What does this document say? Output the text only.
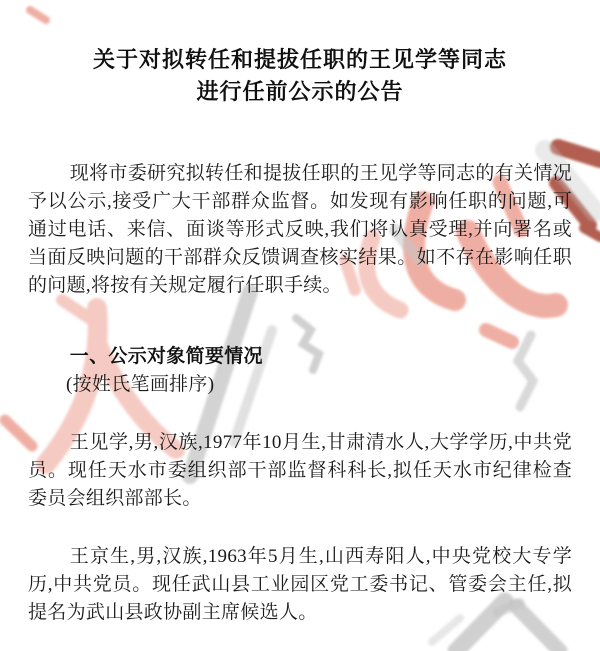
关于对拟转任和提拔任职的王见学等同志
进行任前公示的公告

现将市委研究拟转任和提拔任职的王见学等同志的有关情况予以公示,接受广大干部群众监督。如发现有影响任职的问题,可通过电话、来信、面谈等形式反映,我们将认真受理,并向署名或当面反映问题的干部群众反馈调查核实结果。如不存在影响任职的问题,将按有关规定履行任职手续。

一、公示对象简要情况

(按姓氏笔画排序)

王见学,男,汉族,1977年10月生,甘肃清水人,大学学历,中共党员。现任天水市委组织部干部监督科科长,拟任天水市纪律检查委员会组织部部长。

王京生,男,汉族,1963年5月生,山西寿阳人,中央党校大专学历,中共党员。现任武山县工业园区党工委书记、管委会主任,拟提名为武山县政协副主席候选人。
